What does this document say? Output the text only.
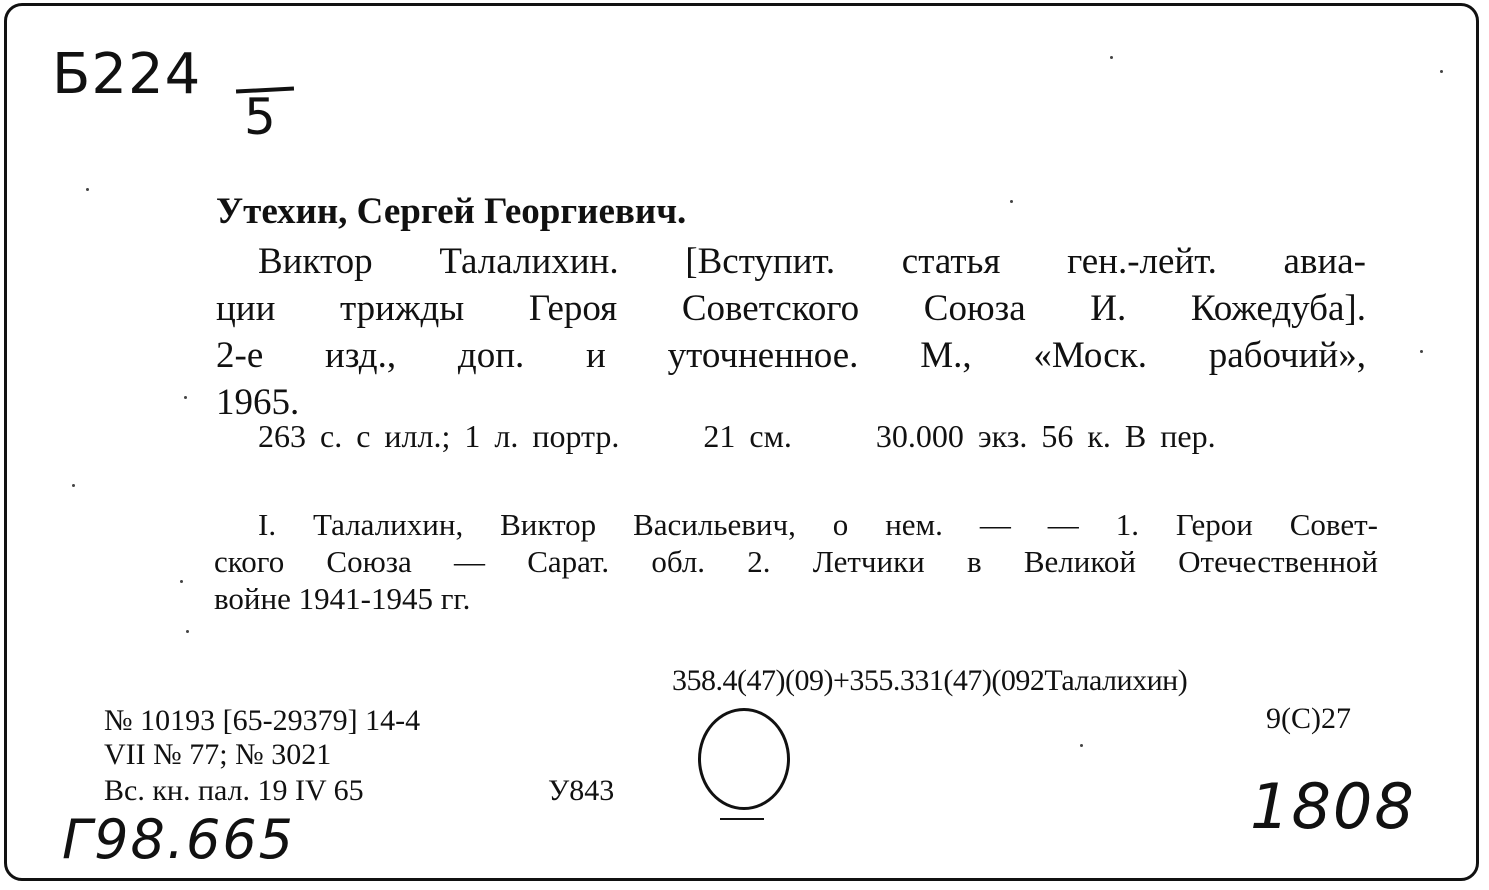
Б224
5
Утехин, Сергей Георгиевич.
Виктор Талалихин. [Вступит. статья ген.-лейт. авиа-
ции трижды Героя Советского Союза И. Кожедуба].
2-е изд., доп. и уточненное. М., «Моск. рабочий»,
1965.
263 с. с илл.; 1 л. портр.      21 см.      30.000 экз. 56 к. В пер.
I. Талалихин, Виктор Васильевич, о нем. — — 1. Герои Совет-
ского Союза — Сарат. обл. 2. Летчики в Великой Отечественной
войне 1941-1945 гг.
358.4(47)(09)+355.331(47)(092Талалихин)
9(С)27
№ 10193 [65-29379] 14-4
VII № 77; № 3021
Вс. кн. пал. 19 IV 65	У843
Г98.665	1808
